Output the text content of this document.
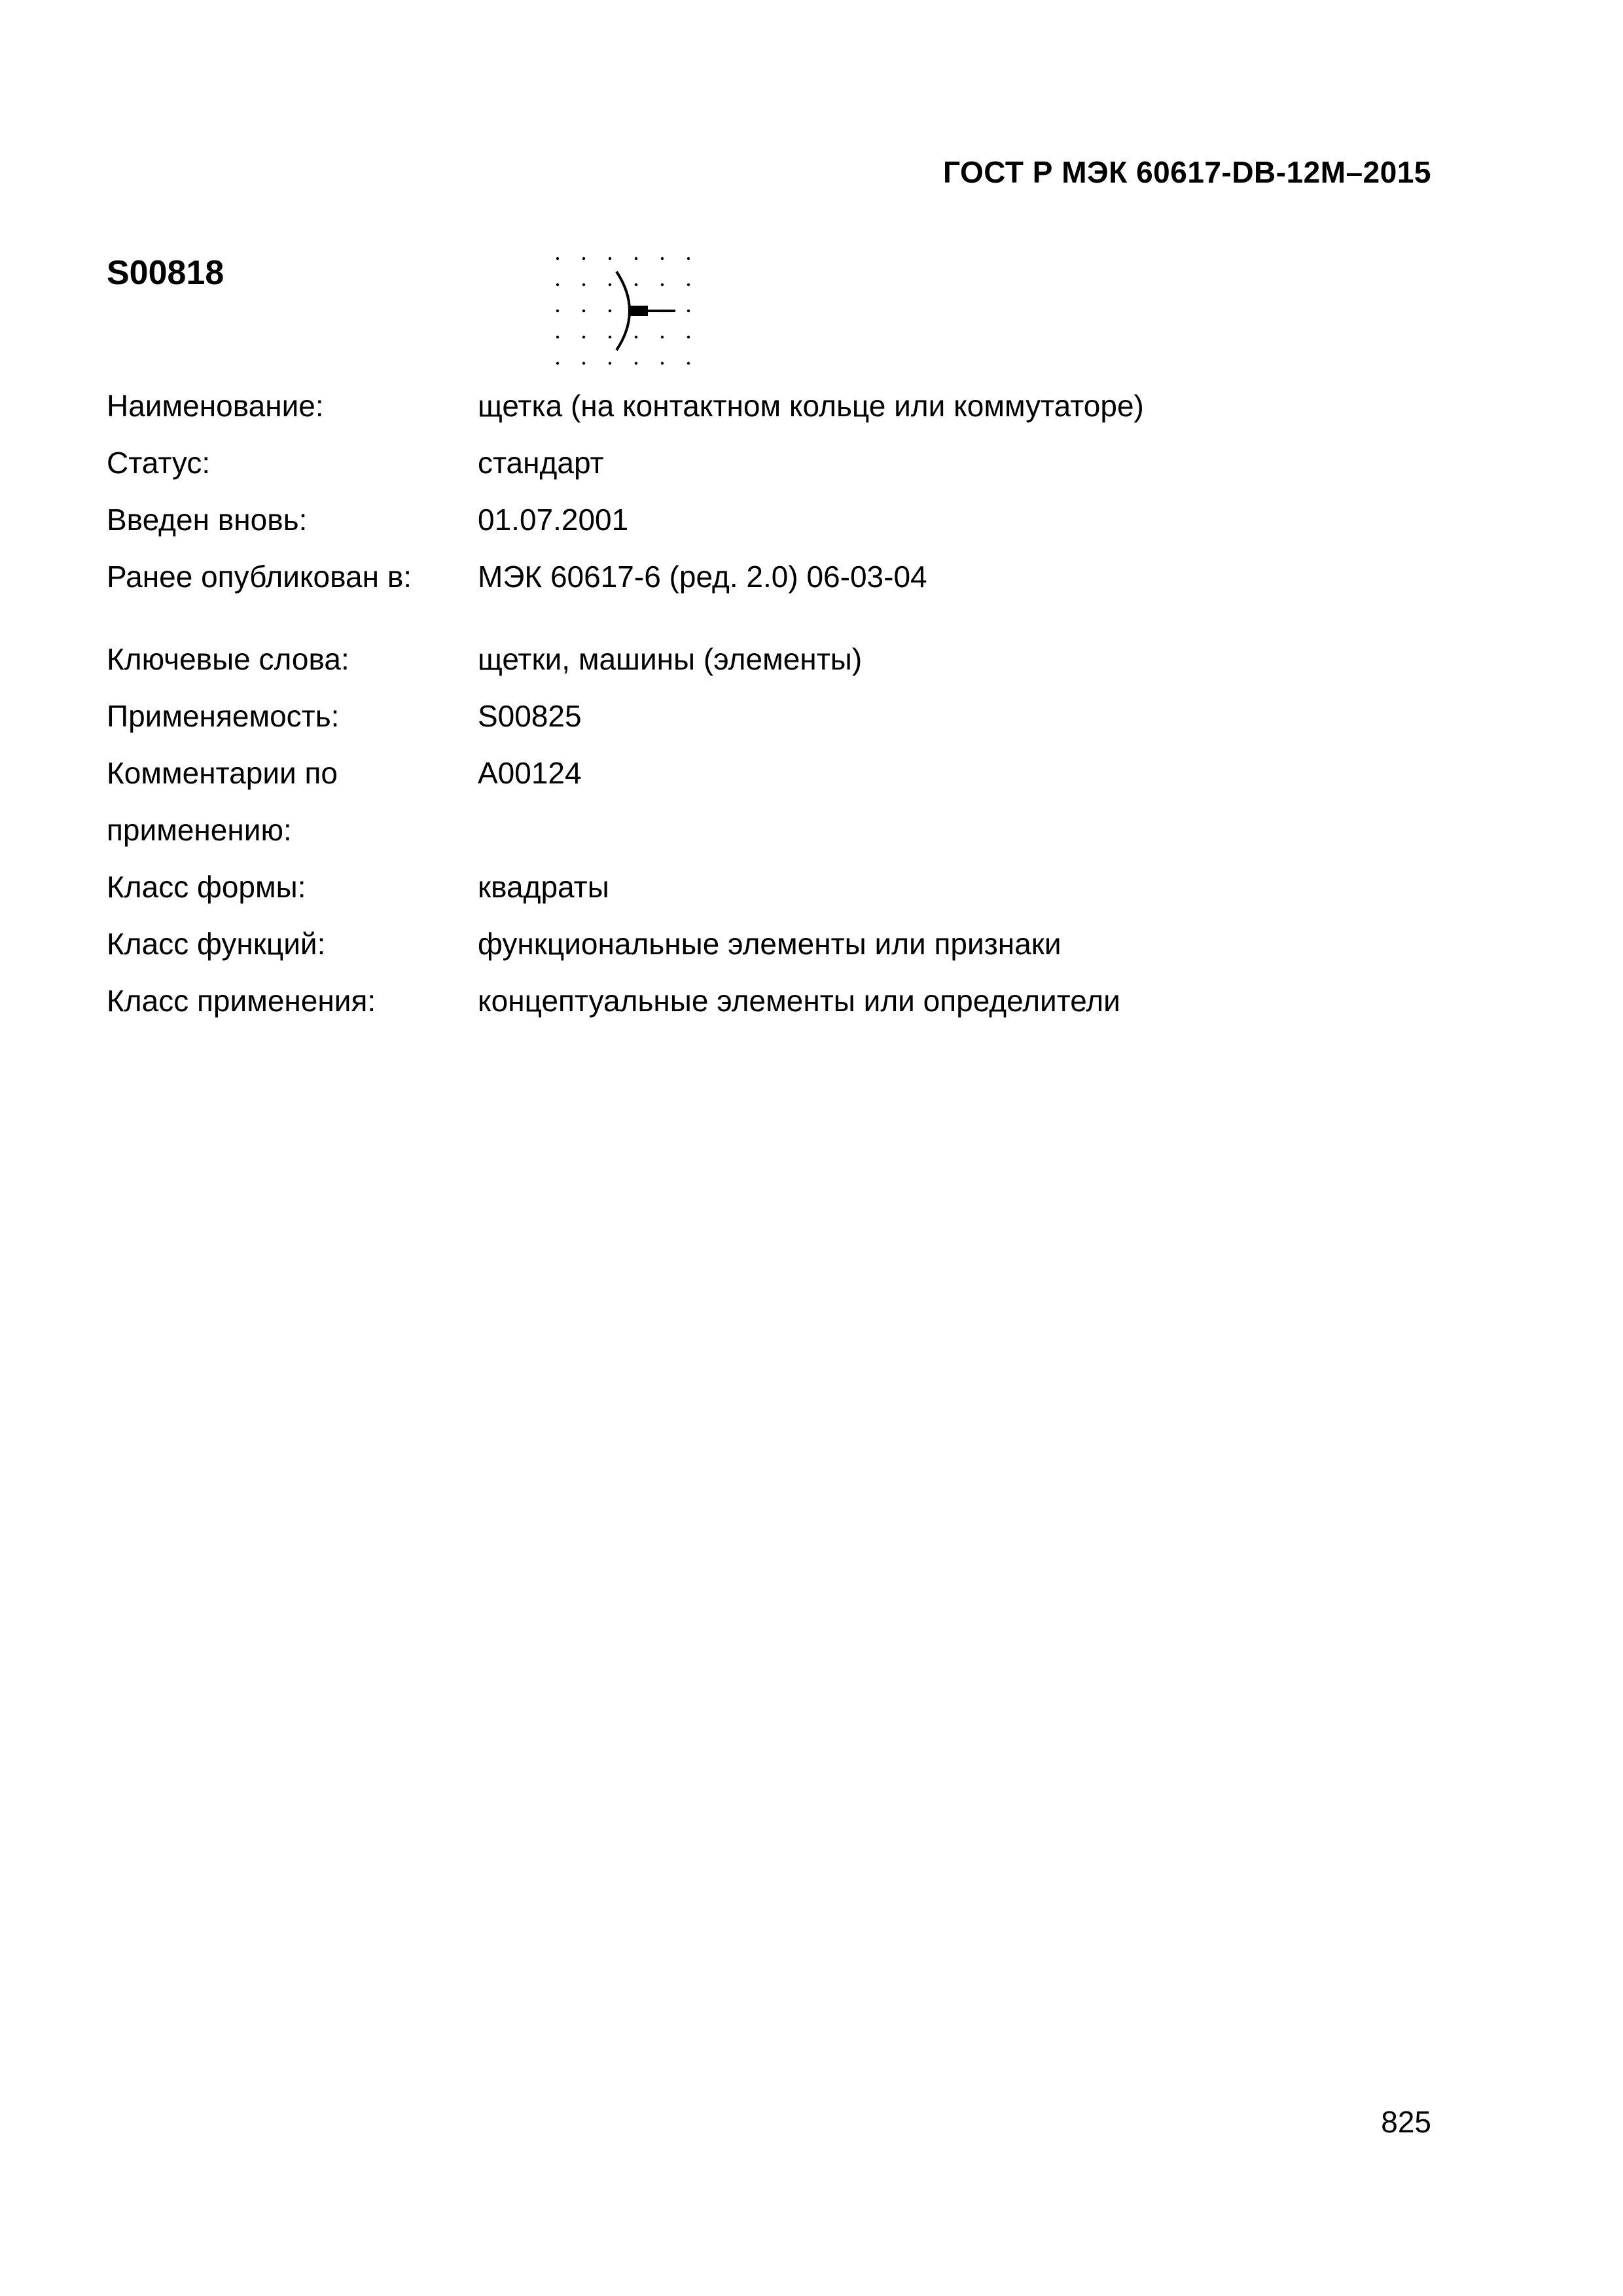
ГОСТ Р МЭК 60617-DB-12M–2015
S00818
Наименование:	щетка (на контактном кольце или коммутаторе)
Статус:	стандарт
Введен вновь:	01.07.2001
Ранее опубликован в: МЭК 60617-6 (ред. 2.0) 06-03-04
Ключевые слова:	щетки, машины (элементы)
Применяемость:	S00825
Комментарии по	A00124
применению:
Класс формы:	квадраты
Класс функций:	функциональные элементы или признаки
Класс применения:	концептуальные элементы или определители
825
